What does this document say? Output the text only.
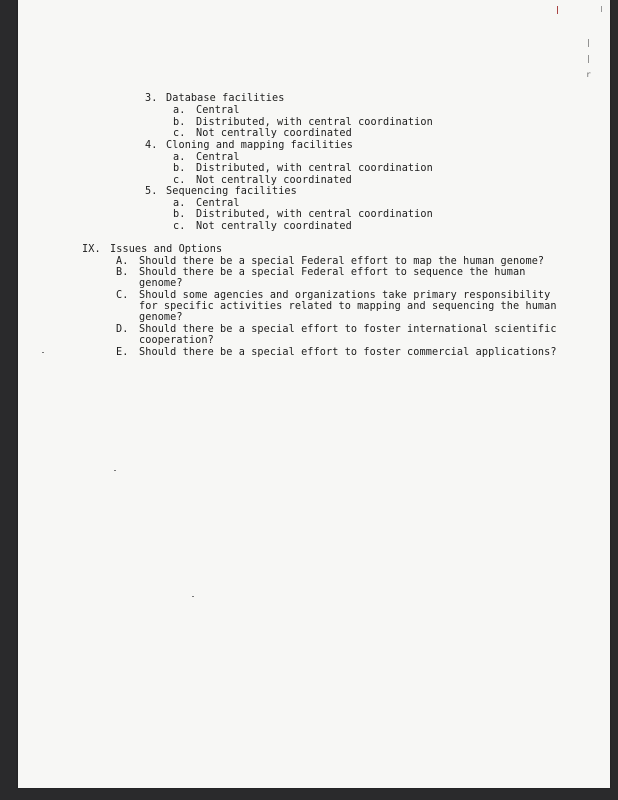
|
|
r
3. Database facilities
a. Central
b. Distributed, with central coordination
c. Not centrally coordinated
4. Cloning and mapping facilities
a. Central
b. Distributed, with central coordination
c. Not centrally coordinated
5. Sequencing facilities
a. Central
b. Distributed, with central coordination
c. Not centrally coordinated
IX. Issues and Options
A. Should there be a special Federal effort to map the human genome?
B. Should there be a special Federal effort to sequence the human
genome?
C. Should some agencies and organizations take primary responsibility
for specific activities related to mapping and sequencing the human
genome?
D. Should there be a special effort to foster international scientific
cooperation?
E. Should there be a special effort to foster commercial applications?
